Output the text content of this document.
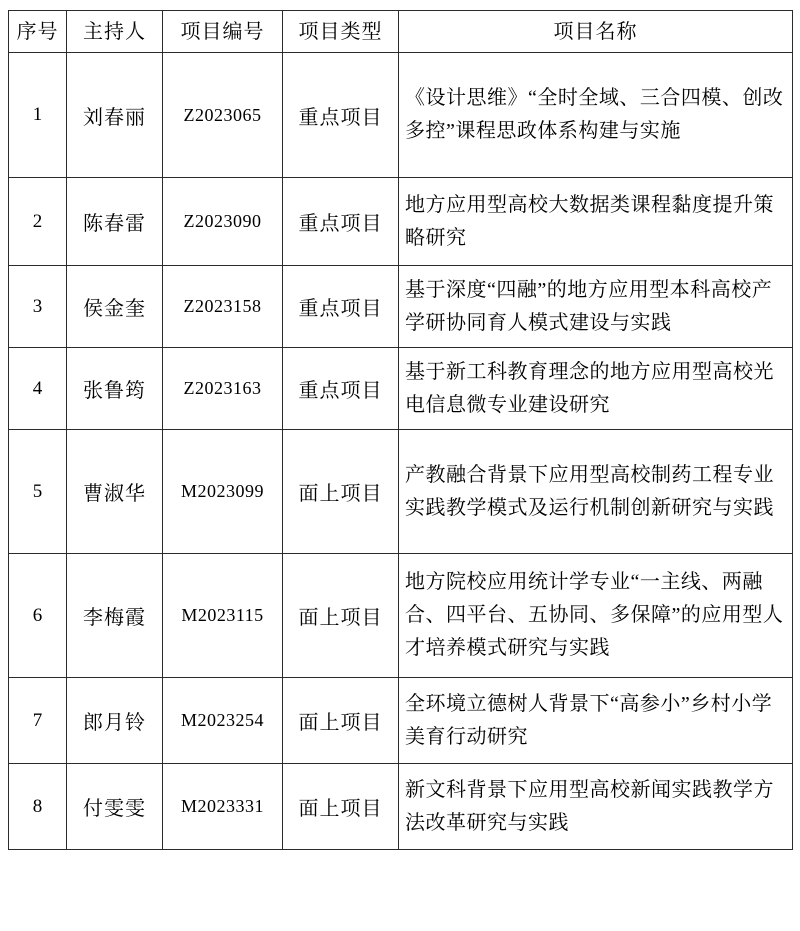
序号	主持人	项目编号	项目类型	项目名称
1	刘春丽	Z2023065	重点项目	《设计思维》“全时全域、三合四模、创改多控”课程思政体系构建与实施
2	陈春雷	Z2023090	重点项目	地方应用型高校大数据类课程黏度提升策略研究
3	侯金奎	Z2023158	重点项目	基于深度“四融”的地方应用型本科高校产学研协同育人模式建设与实践
4	张鲁筠	Z2023163	重点项目	基于新工科教育理念的地方应用型高校光电信息微专业建设研究
5	曹淑华	M2023099	面上项目	产教融合背景下应用型高校制药工程专业实践教学模式及运行机制创新研究与实践
6	李梅霞	M2023115	面上项目	地方院校应用统计学专业“一主线、两融合、四平台、五协同、多保障”的应用型人才培养模式研究与实践
7	郎月铃	M2023254	面上项目	全环境立德树人背景下“高参小”乡村小学美育行动研究
8	付雯雯	M2023331	面上项目	新文科背景下应用型高校新闻实践教学方法改革研究与实践
